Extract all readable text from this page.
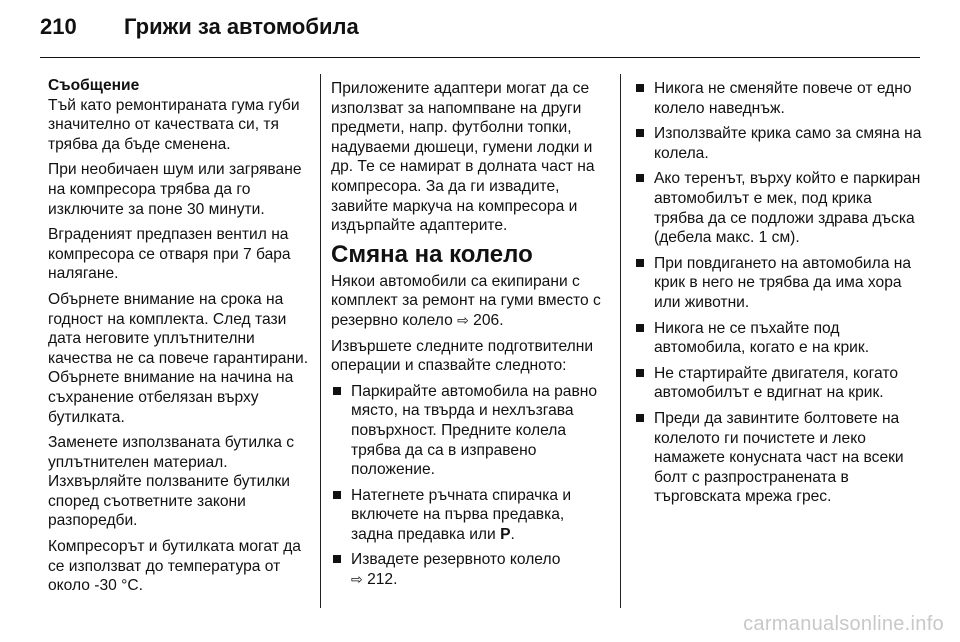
210	Грижи за автомобила
Съобщение

Тъй като ремонтираната гума губи значително от качествата си, тя трябва да бъде сменена.

При необичаен шум или загряване на компресора трябва да го изключите за поне 30 минути.

Вграденият предпазен вентил на компресора се отваря при 7 бара налягане.

Обърнете внимание на срока на годност на комплекта. След тази дата неговите уплътнителни качества не са повече гарантирани. Обърнете внимание на начина на съхранение отбелязан върху бутилката.

Заменете използваната бутилка с уплътнителен материал. Изхвърляйте ползваните бутилки според съответните закони разпоредби.

Компресорът и бутилката могат да се използват до температура от около -30 °C.

Приложените адаптери могат да се използват за напомпване на други предмети, напр. футболни топки, надуваеми дюшеци, гумени лодки и др. Те се намират в долната част на компресора. За да ги извадите, завийте маркуча на компресора и издърпайте адаптерите.

Смяна на колело

Някои автомобили са екипирани с комплект за ремонт на гуми вместо с резервно колело ⇨ 206.

Извършете следните подготвителни операции и спазвайте следното:

Паркирайте автомобила на равно място, на твърда и нехлъзгава повърхност. Предните колела трябва да са в изправено положение.
Натегнете ръчната спирачка и включете на първа предавка, задна предавка или P.
Извадете резервното колело
⇨ 212.
Никога не сменяйте повече от едно колело наведнъж.
Използвайте крика само за смяна на колела.
Ако теренът, върху който е паркиран автомобилът е мек, под крика трябва да се подложи здрава дъска (дебела макс. 1 см).
При повдигането на автомобила на крик в него не трябва да има хора или животни.
Никога не се пъхайте под автомобила, когато е на крик.
Не стартирайте двигателя, когато автомобилът е вдигнат на крик.
Преди да завинтите болтовете на колелото ги почистете и леко намажете конусната част на всеки болт с разпространената в търговската мрежа грес.
carmanualsonline.info
